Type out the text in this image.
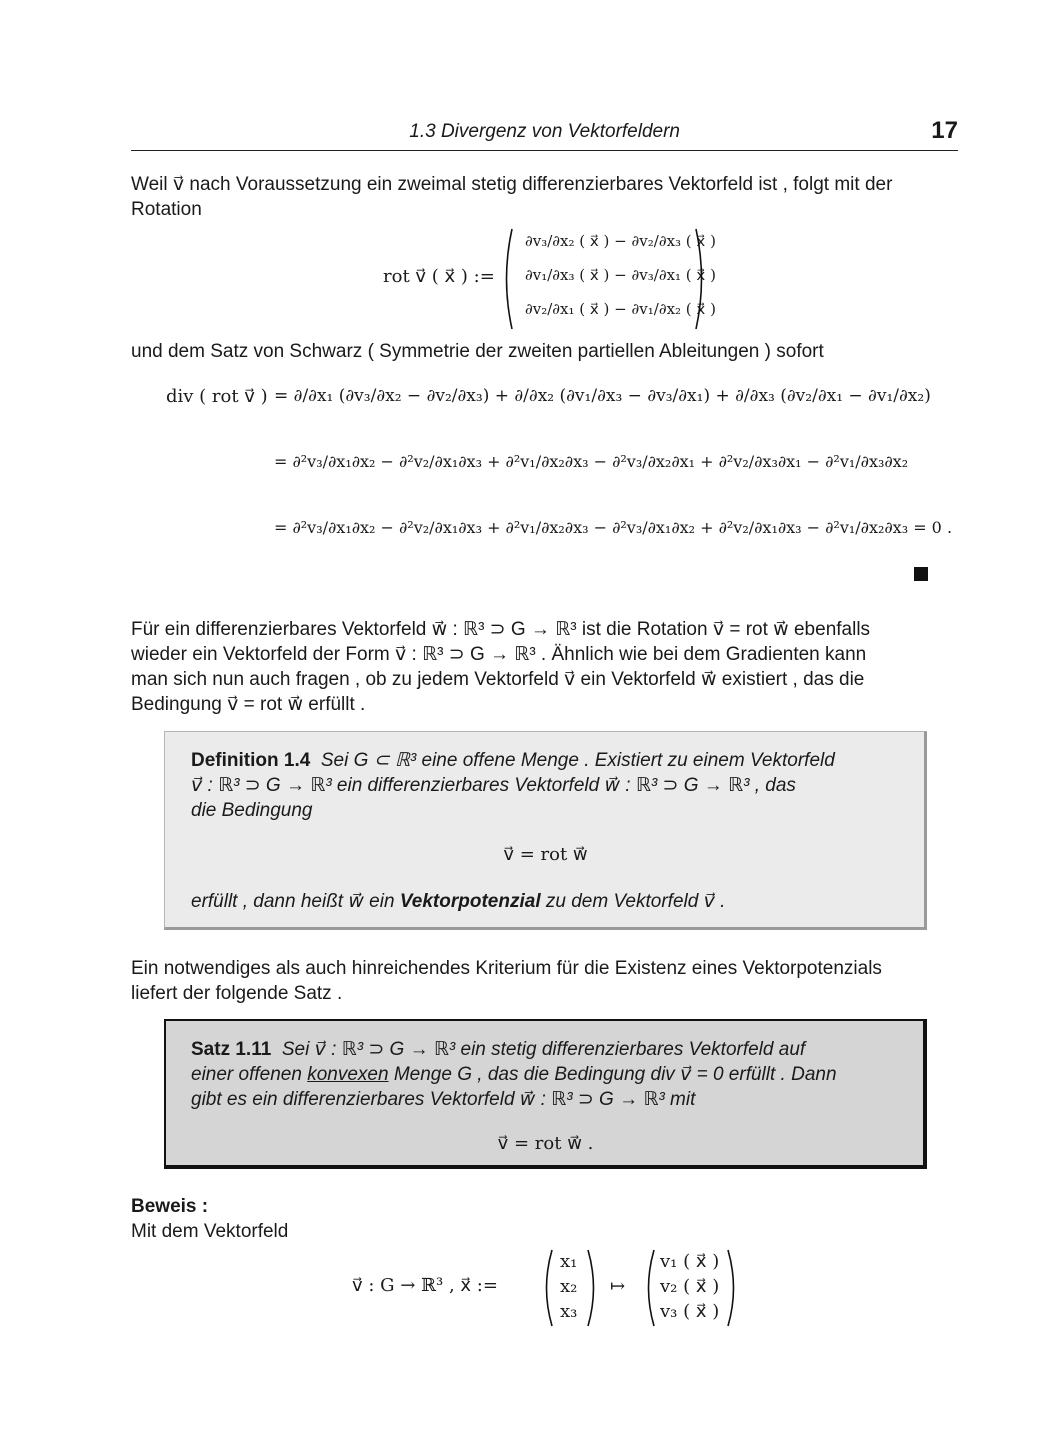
1.3 Divergenz von Vektorfeldern	17
Weil v⃗ nach Voraussetzung ein zweimal stetig differenzierbares Vektorfeld ist , folgt mit der Rotation
rot v⃗ ( x⃗ ) :=
∂v₃/∂x₂ ( x⃗ ) − ∂v₂/∂x₃ ( x⃗ )
∂v₁/∂x₃ ( x⃗ ) − ∂v₃/∂x₁ ( x⃗ )
∂v₂/∂x₁ ( x⃗ ) − ∂v₁/∂x₂ ( x⃗ )
und dem Satz von Schwarz ( Symmetrie der zweiten partiellen Ableitungen ) sofort
div ( rot v⃗ ) = ∂/∂x₁ (∂v₃/∂x₂ − ∂v₂/∂x₃) + ∂/∂x₂ (∂v₁/∂x₃ − ∂v₃/∂x₁) + ∂/∂x₃ (∂v₂/∂x₁ − ∂v₁/∂x₂)
= ∂²v₃/∂x₁∂x₂ − ∂²v₂/∂x₁∂x₃ + ∂²v₁/∂x₂∂x₃ − ∂²v₃/∂x₂∂x₁ + ∂²v₂/∂x₃∂x₁ − ∂²v₁/∂x₃∂x₂
= ∂²v₃/∂x₁∂x₂ − ∂²v₂/∂x₁∂x₃ + ∂²v₁/∂x₂∂x₃ − ∂²v₃/∂x₁∂x₂ + ∂²v₂/∂x₁∂x₃ − ∂²v₁/∂x₂∂x₃ = 0 .
Für ein differenzierbares Vektorfeld w⃗ : ℝ³ ⊃ G → ℝ³ ist die Rotation v⃗ = rot w⃗ ebenfalls
wieder ein Vektorfeld der Form v⃗ : ℝ³ ⊃ G → ℝ³ . Ähnlich wie bei dem Gradienten kann
man sich nun auch fragen , ob zu jedem Vektorfeld v⃗ ein Vektorfeld w⃗ existiert , das die
Bedingung v⃗ = rot w⃗ erfüllt .
Definition 1.4 Sei G ⊂ ℝ³ eine offene Menge . Existiert zu einem Vektorfeld
v⃗ : ℝ³ ⊃ G → ℝ³ ein differenzierbares Vektorfeld w⃗ : ℝ³ ⊃ G → ℝ³ , das
die Bedingung
v⃗ = rot w⃗
erfüllt , dann heißt w⃗ ein Vektorpotenzial zu dem Vektorfeld v⃗ .
Ein notwendiges als auch hinreichendes Kriterium für die Existenz eines Vektorpotenzials
liefert der folgende Satz .
Satz 1.11 Sei v⃗ : ℝ³ ⊃ G → ℝ³ ein stetig differenzierbares Vektorfeld auf
einer offenen konvexen Menge G , das die Bedingung div v⃗ = 0 erfüllt . Dann
gibt es ein differenzierbares Vektorfeld w⃗ : ℝ³ ⊃ G → ℝ³ mit
v⃗ = rot w⃗ .
Beweis :
Mit dem Vektorfeld
v⃗ : G → ℝ³ , x⃗ :=
x₁
x₂
x₃
↦
v₁ ( x⃗ )
v₂ ( x⃗ )
v₃ ( x⃗ )
